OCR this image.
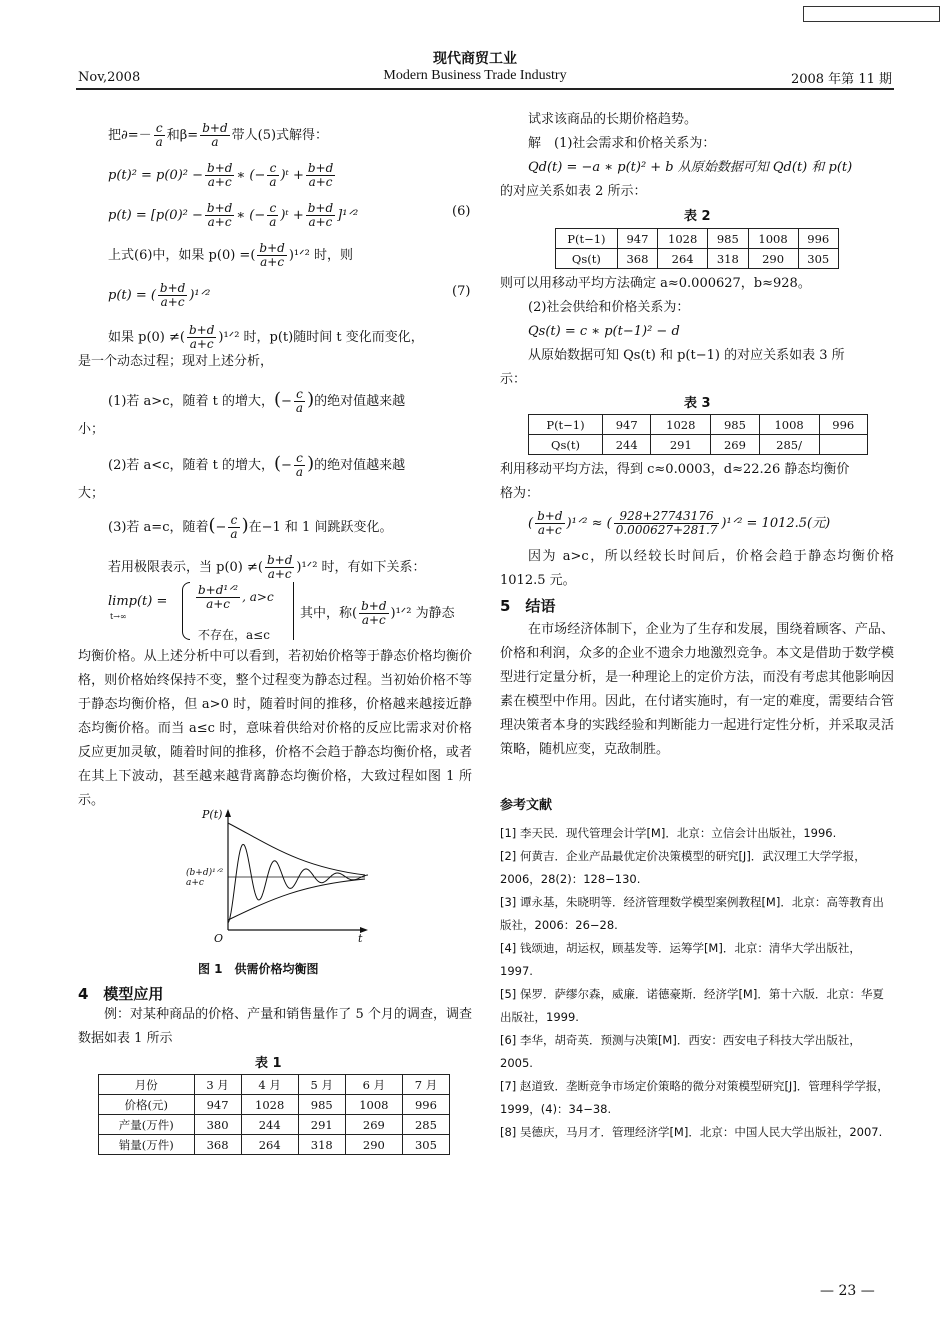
现代商贸工业
Nov,2008	Modern Business Trade Industry	2008 年第 11 期
把∂=－ $\frac{c}{a}$ 和$\beta= \frac{b+d}{a}$ 带人(5)式解得：
$p(t)^2 = p(0)^2 - \frac{b+d}{a+c}$ ∗ (− $\frac{c}{a}$ )ᵗ + $\frac{b+d}{a+c}$
$p(t) = [p(0)^2 - \frac{b+d}{a+c}$ ∗ (− $\frac{c}{a}$ )ᵗ + $\frac{b+d}{a+c}$ ]¹ᐟ²	(6)
上式(6)中，如果 p(0) =( $\frac{b+d}{a+c}$ )¹ᐟ² 时，则
p(t) = ( $\frac{b+d}{a+c}$ )¹ᐟ²	(7)
如果 p(0) ≠( $\frac{b+d}{a+c}$ )¹ᐟ² 时，p(t)随时间 t 变化而变化，
是一个动态过程；现对上述分析，
(1)若 a>c，随着 t 的增大，(− $\frac{c}{a}$ )的绝对值越来越
小；
(2)若 a<c，随着 t 的增大，(− $\frac{c}{a}$ )的绝对值越来越
大；
(3)若 a=c，随着(− $\frac{c}{a}$ )在−1 和 1 间跳跃变化。
若用极限表示，当 p(0) ≠( $\frac{b+d}{a+c}$ )¹ᐟ² 时，有如下关系：
limp(t) =
t→∞
$\frac{\text{b+d¹ᐟ²}}{a+c}$ , a>c
不存在，a≤c
其中，称( $\frac{b+d}{a+c}$ )¹ᐟ² 为静态
均衡价格。从上述分析中可以看到，若初始价格等于静态价格均衡价格，则价格始终保持不变，整个过程变为静态过程。当初始价格不等于静态均衡价格，但 a>0 时，随着时间的推移，价格越来越接近静态均衡价格。而当 a≤c 时，意味着供给对价格的反应比需求对价格反应更加灵敏，随着时间的推移，价格不会趋于静态均衡价格，或者在其上下波动，甚至越来越背离静态均衡价格，大致过程如图 1 所示。
P(t)
(b+d)¹ᐟ²
a+c
O	t
图 1　供需价格均衡图
4　模型应用
例：对某种商品的价格、产量和销售量作了 5 个月的调查，调查数据如表 1 所示
表 1
月份	3 月	4 月	5 月	6 月	7 月
价格(元)	947	1028	985	1008	996
产量(万件)	380	244	291	269	285
销量(万件)	368	264	318	290	305
试求该商品的长期价格趋势。
解　(1)社会需求和价格关系为：
Qd(t) = −a ∗ p(t)² + b 从原始数据可知 Qd(t) 和 p(t)
的对应关系如表 2 所示：
表 2
P(t−1)	947	1028	985	1008	996
Qs(t)	368	264	318	290	305
则可以用移动平均方法确定 a≈0.000627，b≈928。
(2)社会供给和价格关系为：
Qs(t) = c ∗ p(t−1)² − d
从原始数据可知 Qs(t) 和 p(t−1) 的对应关系如表 3 所
示：
表 3
P(t−1)	947	1028	985	1008	996
Qs(t)	244	291	269	285/	
利用移动平均方法，得到 c≈0.0003，d≈22.26 静态均衡价
格为：
( $\frac{b+d}{a+c}$ )¹ᐟ² ≈ ( $\frac{928+27743176}{0.000627+281.7}$ )¹ᐟ² = 1012.5(元)
因为 a>c，所以经较长时间后，价格会趋于静态均衡价格 1012.5 元。
5　结语
在市场经济体制下，企业为了生存和发展，围绕着顾客、产品、价格和利润，众多的企业不遗余力地激烈竞争。本文是借助于数学模型进行定量分析，是一种理论上的定价方法，而没有考虑其他影响因素在模型中作用。因此，在付诸实施时，有一定的难度，需要结合管理决策者本身的实践经验和判断能力一起进行定性分析，并采取灵活策略，随机应变，克敌制胜。
参考文献
[1] 李天民．现代管理会计学[M]．北京：立信会计出版社，1996.
[2] 何黄吉．企业产品最优定价决策模型的研究[J]．武汉理工大学学报，2006，28(2)：128−130.
[3] 谭永基，朱晓明等．经济管理数学模型案例教程[M]．北京：高等教育出版社，2006：26−28.
[4] 钱颂迪，胡运权，顾基发等．运筹学[M]．北京：清华大学出版社，1997.
[5] 保罗．萨缪尔森，威廉．诺德豪斯．经济学[M]．第十六版．北京：华夏出版社，1999.
[6] 李华，胡奇英．预测与决策[M]．西安：西安电子科技大学出版社，2005.
[7] 赵道致．垄断竞争市场定价策略的微分对策模型研究[J]．管理科学学报，1999，(4)：34−38.
[8] 吴德庆，马月才．管理经济学[M]．北京：中国人民大学出版社，2007.
— 23 —
